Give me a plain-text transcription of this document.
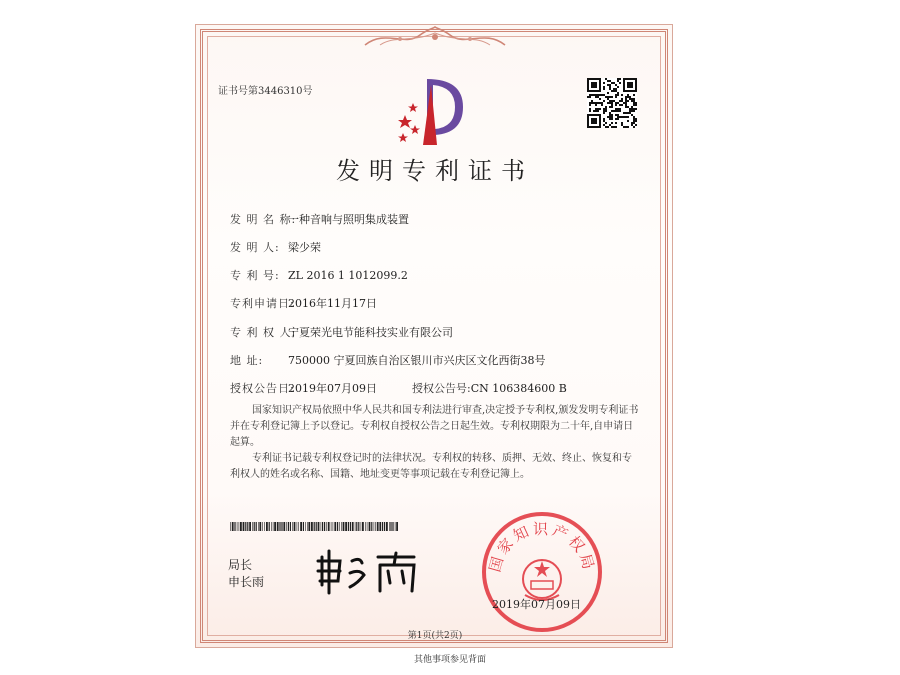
证书号第3446310号
发明专利证书
发 明 名 称:一种音响与照明集成装置
发 明 人: 梁少荣
专 利 号: ZL 2016 1 1012099.2
专利申请日:2016年11月17日
专 利 权 人:宁夏荣光电节能科技实业有限公司
地 址: 750000 宁夏回族自治区银川市兴庆区文化西街38号
授权公告日:2019年07月09日	授权公告号:CN 106384600 B
国家知识产权局依照中华人民共和国专利法进行审查,决定授予专利权,颁发发明专利证书并在专利登记簿上予以登记。专利权自授权公告之日起生效。专利权期限为二十年,自申请日起算。
专利证书记载专利权登记时的法律状况。专利权的转移、质押、无效、终止、恢复和专利权人的姓名或名称、国籍、地址变更等事项记载在专利登记簿上。
局长
申长雨
国家知识产权局
2019年07月09日
第1页(共2页)
其他事项参见背面
